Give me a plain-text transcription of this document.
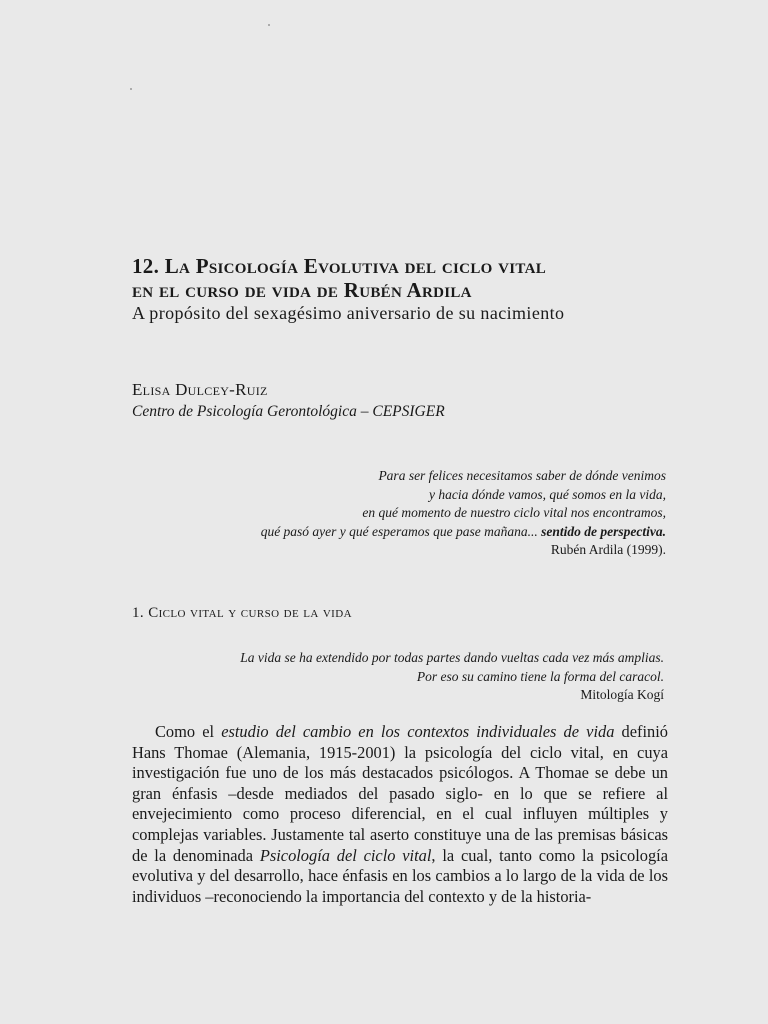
12. La Psicología Evolutiva del ciclo vital
en el curso de vida de Rubén Ardila
A propósito del sexagésimo aniversario de su nacimiento
Elisa Dulcey-Ruiz
Centro de Psicología Gerontológica – CEPSIGER
Para ser felices necesitamos saber de dónde venimos
y hacia dónde vamos, qué somos en la vida,
en qué momento de nuestro ciclo vital nos encontramos,
qué pasó ayer y qué esperamos que pase mañana... sentido de perspectiva.
Rubén Ardila (1999).
1. Ciclo vital y curso de la vida
La vida se ha extendido por todas partes dando vueltas cada vez más amplias.
Por eso su camino tiene la forma del caracol.
Mitología Kogí
Como el estudio del cambio en los contextos individuales de vida definió Hans Thomae (Alemania, 1915-2001) la psicología del ciclo vital, en cuya investigación fue uno de los más destacados psicólogos. A Thomae se debe un gran énfasis –desde mediados del pasado siglo- en lo que se refiere al envejecimiento como proceso diferencial, en el cual influyen múltiples y complejas variables. Justamente tal aserto constituye una de las premisas básicas de la denominada Psicología del ciclo vital, la cual, tanto como la psicología evolutiva y del desarrollo, hace énfasis en los cambios a lo largo de la vida de los individuos –reconociendo la importancia del contexto y de la historia-
